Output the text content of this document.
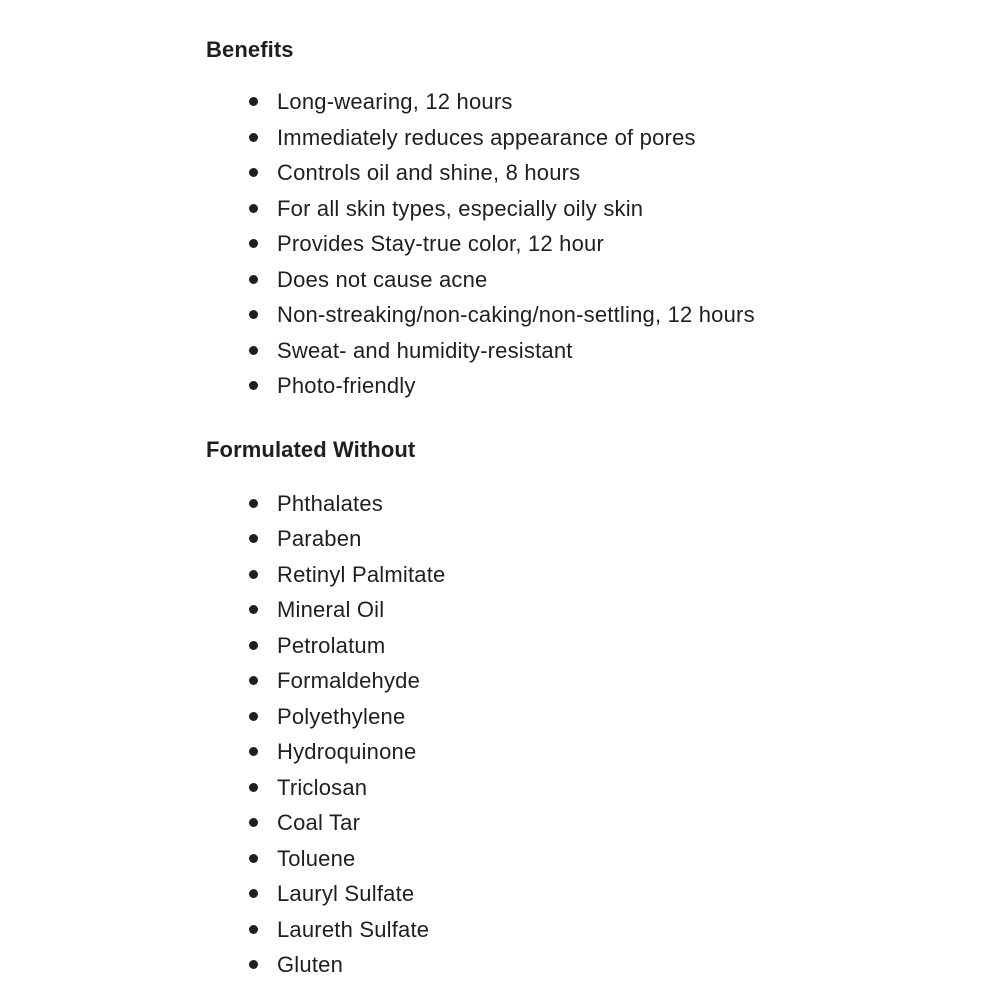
Benefits
Long-wearing, 12 hours
Immediately reduces appearance of pores
Controls oil and shine, 8 hours
For all skin types, especially oily skin
Provides Stay-true color, 12 hour
Does not cause acne
Non-streaking/non-caking/non-settling, 12 hours
Sweat- and humidity-resistant
Photo-friendly
Formulated Without
Phthalates
Paraben
Retinyl Palmitate
Mineral Oil
Petrolatum
Formaldehyde
Polyethylene
Hydroquinone
Triclosan
Coal Tar
Toluene
Lauryl Sulfate
Laureth Sulfate
Gluten
